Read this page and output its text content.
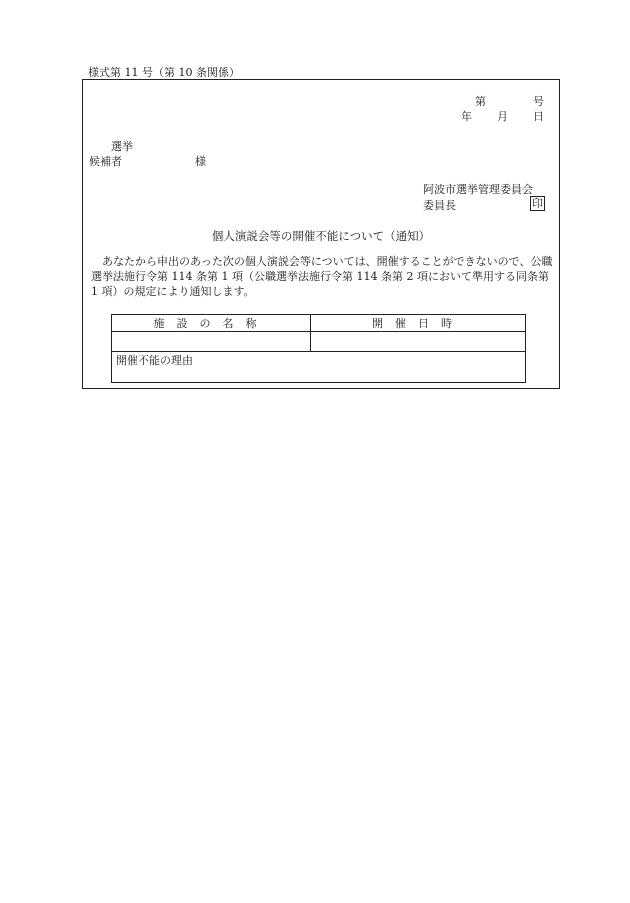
様式第 11 号（第 10 条関係）
第	号
年 月 日
選挙
候補者	様
阿波市選挙管理委員会
委員長	印
個人演説会等の開催不能について（通知）

あなたから申出のあった次の個人演説会等については、開催することができないので、公職選挙法施行令第 114 条第 1 項（公職選挙法施行令第 114 条第 2 項において準用する同条第 1 項）の規定により通知します。

施設の名称	開催日時

開催不能の理由	
